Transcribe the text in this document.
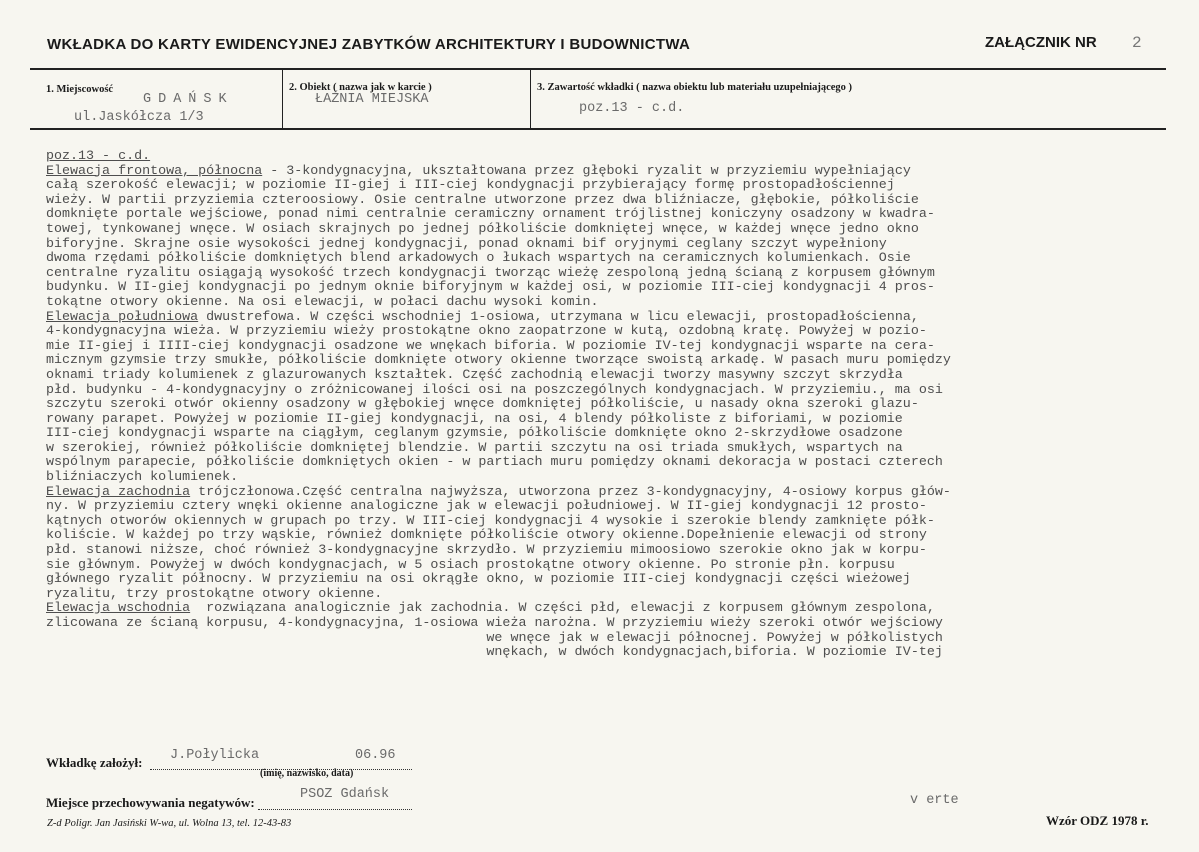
WKŁADKA DO KARTY EWIDENCYJNEJ ZABYTKÓW ARCHITEKTURY I BUDOWNICTWA	ZAŁĄCZNIK NR 2
1. Miejscowość
GDAŃSK
ul.Jaskółcza 1/3
2. Obiekt ( nazwa jak w karcie )
ŁAŹNIA MIEJSKA
3. Zawartość wkładki ( nazwa obiektu lub materiału uzupełniającego )
poz.13 - c.d.
poz.13 - c.d.
Elewacja frontowa, północna - 3-kondygnacyjna, ukształtowana przez głęboki ryzalit w przyziemiu wypełniający
całą szerokość elewacji; w poziomie II-giej i III-ciej kondygnacji przybierający formę prostopadłościennej
wieży. W partii przyziemia czteroosiowy. Osie centralne utworzone przez dwa bliźniacze, głębokie, półkoliście
domknięte portale wejściowe, ponad nimi centralnie ceramiczny ornament trójlistnej koniczyny osadzony w kwadra-
towej, tynkowanej wnęce. W osiach skrajnych po jednej półkoliście domkniętej wnęce, w każdej wnęce jedno okno
biforyjne. Skrajne osie wysokości jednej kondygnacji, ponad oknami bif oryjnymi ceglany szczyt wypełniony
dwoma rzędami półkoliście domkniętych blend arkadowych o łukach wspartych na ceramicznych kolumienkach. Osie
centralne ryzalitu osiągają wysokość trzech kondygnacji tworząc wieżę zespoloną jedną ścianą z korpusem głównym
budynku. W II-giej kondygnacji po jednym oknie biforyjnym w każdej osi, w poziomie III-ciej kondygnacji 4 pros-
tokątne otwory okienne. Na osi elewacji, w połaci dachu wysoki komin.
Elewacja południowa dwustrefowa. W części wschodniej 1-osiowa, utrzymana w licu elewacji, prostopadłościenna,
4-kondygnacyjna wieża. W przyziemiu wieży prostokątne okno zaopatrzone w kutą, ozdobną kratę. Powyżej w pozio-
mie II-giej i IIII-ciej kondygnacji osadzone we wnękach biforia. W poziomie IV-tej kondygnacji wsparte na cera-
micznym gzymsie trzy smukłe, półkoliście domknięte otwory okienne tworzące swoistą arkadę. W pasach muru pomiędzy
oknami triady kolumienek z glazurowanych kształtek. Część zachodnią elewacji tworzy masywny szczyt skrzydła
płd. budynku - 4-kondygnacyjny o zróżnicowanej ilości osi na poszczególnych kondygnacjach. W przyziemiu., ma osi
szczytu szeroki otwór okienny osadzony w głębokiej wnęce domkniętej półkoliście, u nasady okna szeroki glazu-
rowany parapet. Powyżej w poziomie II-giej kondygnacji, na osi, 4 blendy półkoliste z biforiami, w poziomie
III-ciej kondygnacji wsparte na ciągłym, ceglanym gzymsie, półkoliście domknięte okno 2-skrzydłowe osadzone
w szerokiej, również półkoliście domkniętej blendzie. W partii szczytu na osi triada smukłych, wspartych na
wspólnym parapecie, półkoliście domkniętych okien - w partiach muru pomiędzy oknami dekoracja w postaci czterech
bliźniaczych kolumienek.
Elewacja zachodnia trójczłonowa.Część centralna najwyższa, utworzona przez 3-kondygnacyjny, 4-osiowy korpus głów-
ny. W przyziemiu cztery wnęki okienne analogiczne jak w elewacji południowej. W II-giej kondygnacji 12 prosto-
kątnych otworów okiennych w grupach po trzy. W III-ciej kondygnacji 4 wysokie i szerokie blendy zamknięte półk-
koliście. W każdej po trzy wąskie, również domknięte półkoliście otwory okienne.Dopełnienie elewacji od strony
płd. stanowi niższe, choć również 3-kondygnacyjne skrzydło. W przyziemiu mimoosiowo szerokie okno jak w korpu-
sie głównym. Powyżej w dwóch kondygnacjach, w 5 osiach prostokątne otwory okienne. Po stronie płn. korpusu
głównego ryzalit północny. W przyziemiu na osi okrągłe okno, w poziomie III-ciej kondygnacji części wieżowej
ryzalitu, trzy prostokątne otwory okienne.
Elewacja wschodnia  rozwiązana analogicznie jak zachodnia. W części płd, elewacji z korpusem głównym zespolona,
zlicowana ze ścianą korpusu, 4-kondygnacyjna, 1-osiowa wieża narożna. W przyziemiu wieży szeroki otwór wejściowy
we wnęce jak w elewacji północnej. Powyżej w półkolistych
wnękach, w dwóch kondygnacjach,biforia. W poziomie IV-tej
Wkładkę założył: J.Połylicka	06.96
(imię, nazwisko, data)
Miejsce przechowywania negatywów:
PSOZ Gdańsk	v erte
Z-d Poligr. Jan Jasiński W-wa, ul. Wolna 13, tel. 12-43-83	Wzór ODZ 1978 r.
